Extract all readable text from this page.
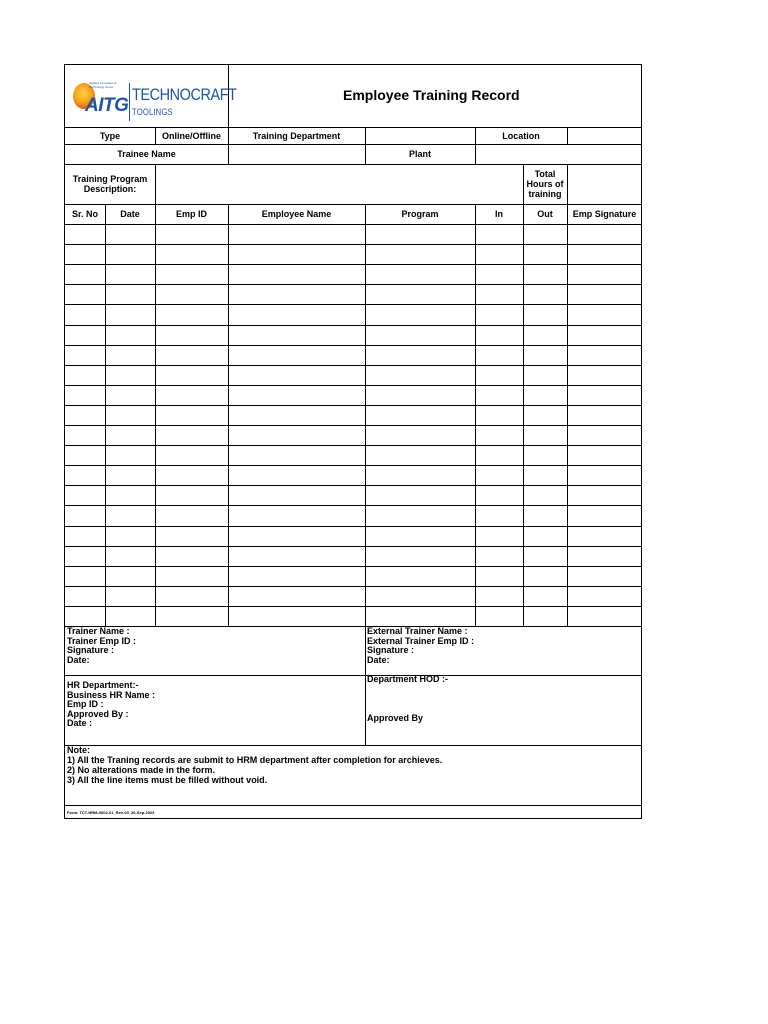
Applied Innovation &
Technology Group
AITG
TECHNOCRAFT
TOOLINGS
Employee Training Record
Type	Online/Offline	Training Department	Location
Trainee Name	Plant
Training Program Description:
Total Hours of training
Sr. No	Date	Emp ID	Employee Name	Program	In	Out	Emp Signature
Trainer Name :
Trainer Emp ID :
Signature :
Date:
External Trainer Name :
External Trainer Emp ID :
Signature :
Date:
HR Department:-
Business HR Name :
Emp ID :
Approved By :
Date :
Department HOD :-
Approved By
Note:
1) All the Traning records are submit to HRM department after completion for archieves.
2) No alterations made in the form.
3) All the line items must be filled without void.
Form: TCT-HRM-0602-01_Rev-03_26-Sep-2023
